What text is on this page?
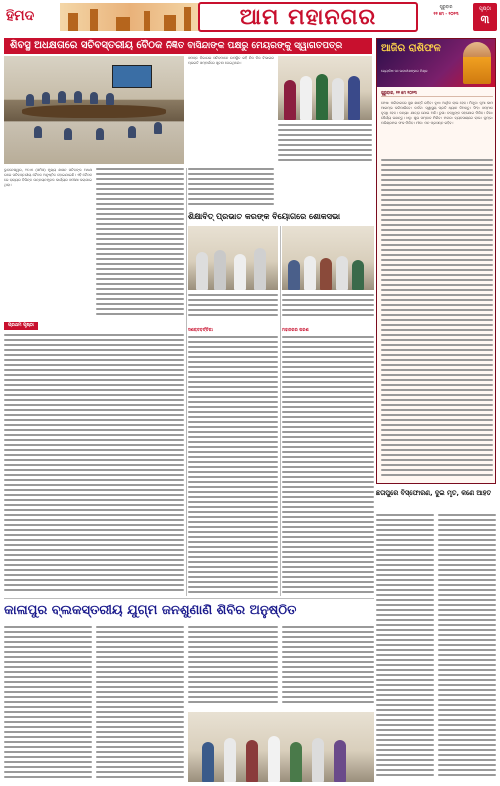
ହିମଦ	ଆମ ମହାନଗର	ଗୁରୁବାର
୧୧ ମେ - ୨୦୨୩
ପୃଷ୍ଠା
୩
ଶିବସ୍ଥ ଅଧକ୍ଷତାରେ ସଚିବସ୍ତରୀୟ ବୈଠକ ନିଜ୍ଞିତ ବାସିନ୍ଦାଙ୍କ ପକ୍ଷରୁ ମେୟରଙ୍କୁ ସ୍ୱାଗତପତ୍ର

ସମସ୍ତ ବିଭାଗର ସଚିବମାନେ ଉପସ୍ଥିତ ରହି ନିଜ ନିଜ ବିଭାଗର ପ୍ରଗତି ସମ୍ପର୍କରେ ସୂଚନା ଦେଇଥିଲେ।

ଭୁବନେଶ୍ୱର, ୧୦।୫ (ସମିସ) ମୁଖ୍ୟ ଶାସନ ସଚିବଙ୍କ ଅଧକ୍ଷତାରେ ସଚିବସ୍ତରୀୟ ବୈଠକ ଅନୁଷ୍ଠିତ ହୋଇଯାଇଛି। ଏହି ବୈଠକରେ ରାଜ୍ୟର ବିଭିନ୍ନ ଉନ୍ନୟନମୂଳକ କାର୍ଯ୍ୟର ସମୀକ୍ଷା କରାଯାଇଥିଲା।

ପ୍ରଥମ ପୃଷ୍ଠା
ଶିକ୍ଷାବିତ୍ ପ୍ରଭାତ କରଙ୍କ ବିୟୋଗରେ ଶୋକସଭା
ସଶକ୍ତବର୍ତ୍ତିକା	ମହାନଗର ପରଶ
ଆଜିର ରାଶିଫଳ
ଜ୍ୟୋତିଷ ଡଃ ଭବାନୀଶଙ୍କର ମିଶ୍ର
ଗୁରୁବାର, ୧୧ ମେ ୨୦୨୩

ମେଷ: ପରିବାରରେ ସୁଖ ଶାନ୍ତି ରହିବ। ବୃଷ: ଆର୍ଥିକ ଲାଭ ହେବ। ମିଥୁନ: ନୂଆ କାମ ଆରମ୍ଭ କରିପାରିବେ। କର୍କଟ: ସ୍ୱାସ୍ଥ୍ୟ ପ୍ରତି ଧ୍ୟାନ ଦିଅନ୍ତୁ। ସିଂହ: ସମ୍ମାନ ବୃଦ୍ଧି ହେବ। କନ୍ୟା: ଯାତ୍ରା ଯୋଗ ଅଛି। ତୁଳା: ବନ୍ଧୁଙ୍କ ସହଯୋଗ ମିଳିବ। ବିଛା: ଧୈର୍ଯ୍ୟ ରଖନ୍ତୁ। ଧନୁ: ଶୁଭ ସମ୍ବାଦ ମିଳିବ। ମକର: ବ୍ୟବସାୟରେ ଲାଭ। କୁମ୍ଭ: ପରିଶ୍ରମର ଫଳ ମିଳିବ। ମୀନ: ମନ ପ୍ରସନ୍ନ ରହିବ।

ଛତାପୁରେ ବିସ୍ଫୋରଣ, ଦୁଇ ମୃତ, କଣେ ଆହତ
କାଳାପୁର ବ୍ଲକସ୍ତରୀୟ ଯୁଗ୍ମ ଜନଶୁଣାଣି ଶିବିର ଅନୁଷ୍ଠିତ
